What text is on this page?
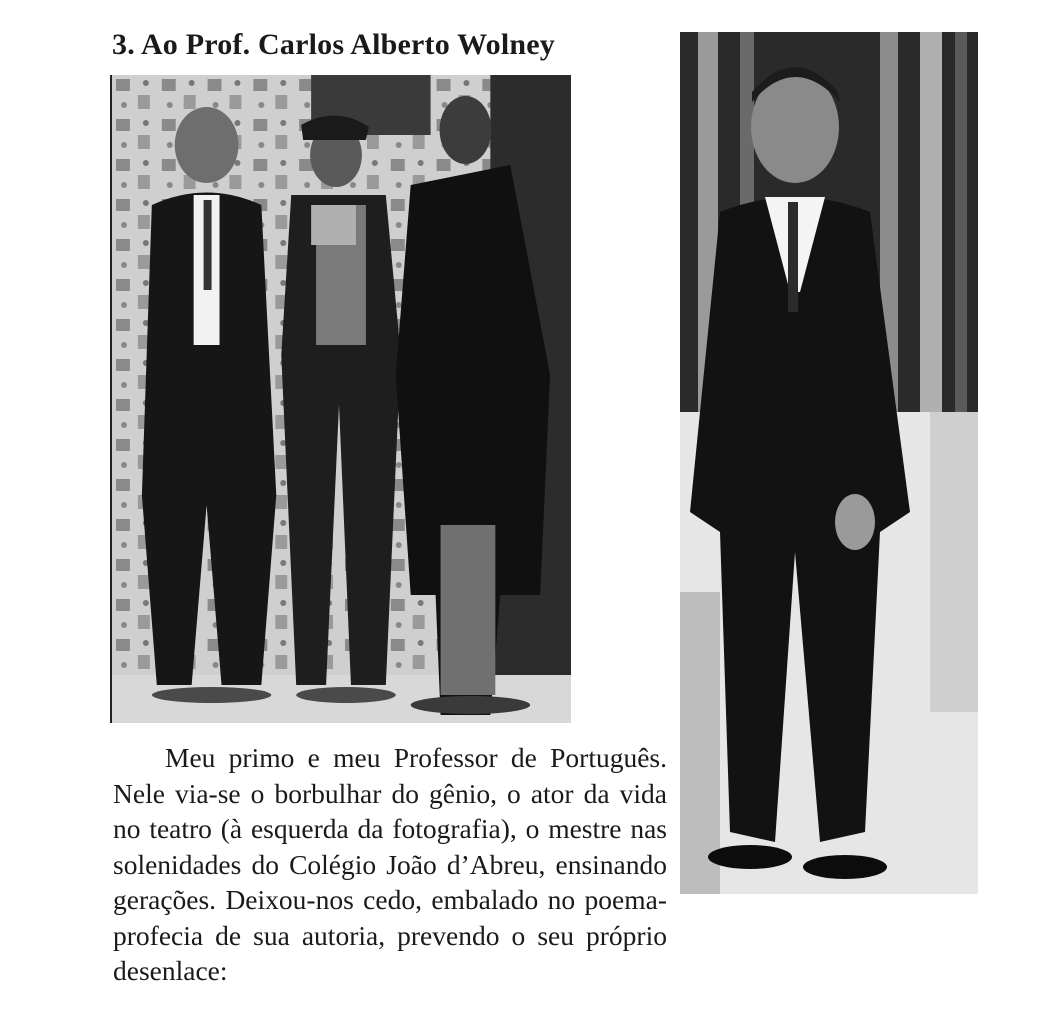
3. Ao Prof. Carlos Alberto Wolney

Meu primo e meu Professor de Português. Nele via-se o borbulhar do gênio, o ator da vida no teatro (à esquerda da fotografia), o mestre nas solenidades do Colégio João d’Abreu, ensinando gerações. Deixou-nos cedo, embalado no poema-profecia de sua autoria, prevendo o seu próprio desenlace:
